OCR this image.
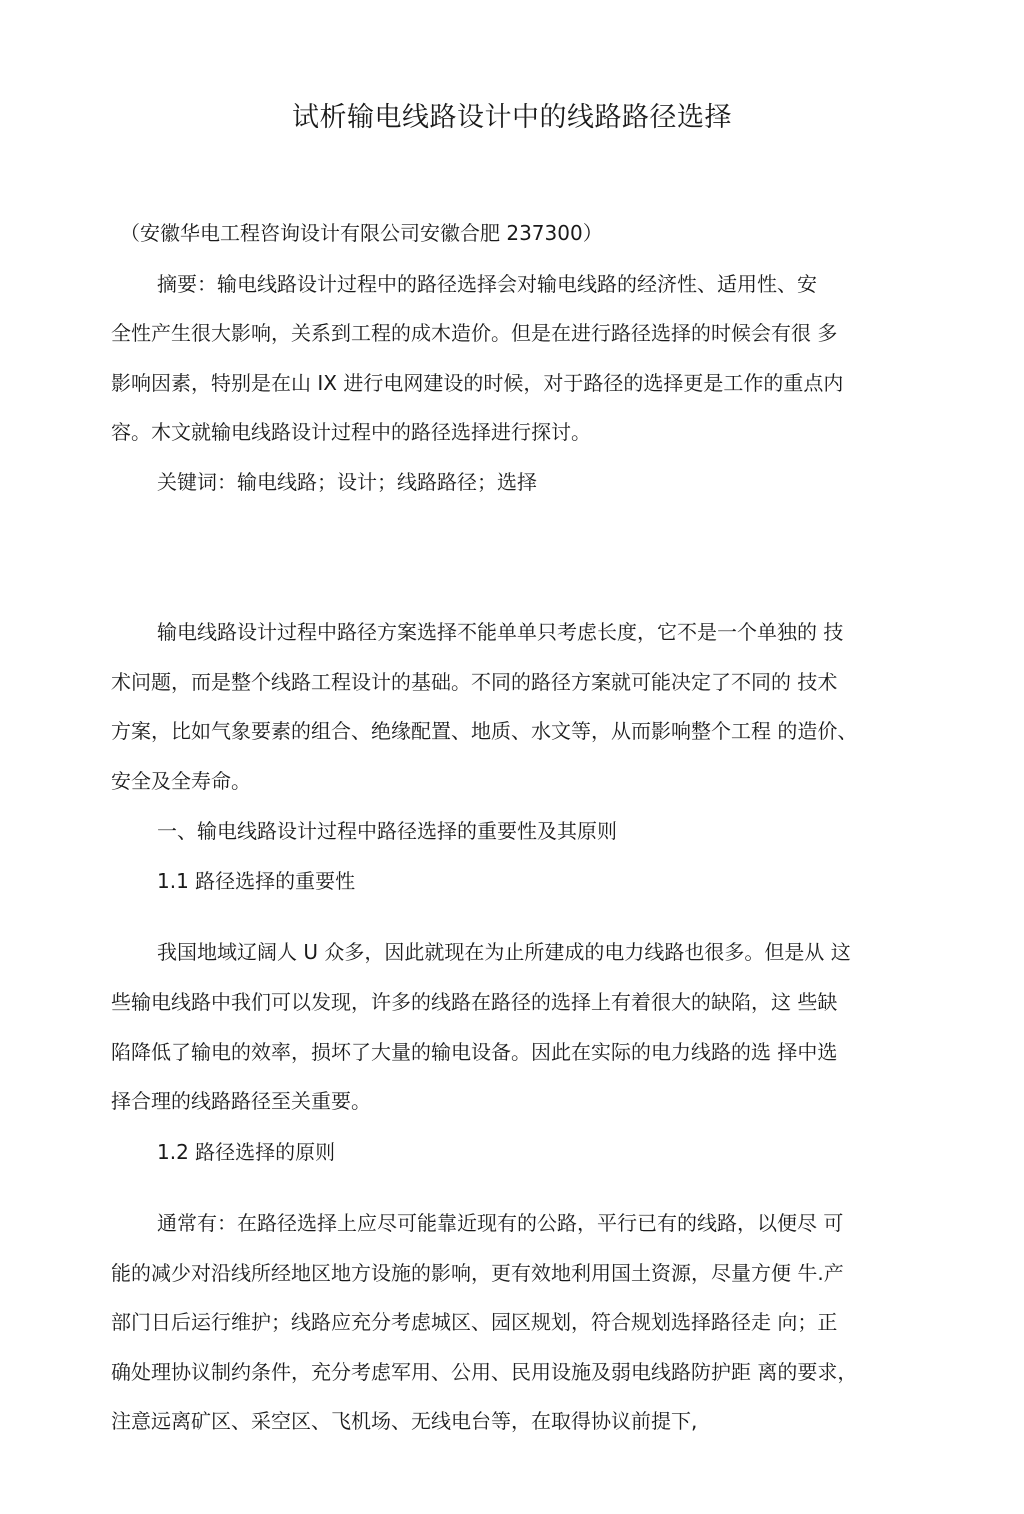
试析输电线路设计中的线路路径选择
（安徽华电工程咨询设计有限公司安徽合肥 237300）
摘要：输电线路设计过程中的路径选择会对输电线路的经济性、适用性、安
全性产生很大影响，关系到工程的成木造价。但是在进行路径选择的时候会有很 多
影响因素，特别是在山 IX 进行电网建设的时候，对于路径的选择更是工作的重点内
容。木文就输电线路设计过程中的路径选择进行探讨。
关键词：输电线路；设计；线路路径；选择
输电线路设计过程中路径方案选择不能单单只考虑长度，它不是一个单独的 技
术问题，而是整个线路工程设计的基础。不同的路径方案就可能决定了不同的 技术
方案，比如气象要素的组合、绝缘配置、地质、水文等，从而影响整个工程 的造价、
安全及全寿命。
一、输电线路设计过程中路径选择的重要性及其原则
1.1 路径选择的重要性
我国地域辽阔人 U 众多，因此就现在为止所建成的电力线路也很多。但是从 这
些输电线路中我们可以发现，许多的线路在路径的选择上有着很大的缺陷，这 些缺
陷降低了输电的效率，损坏了大量的输电设备。因此在实际的电力线路的选 择中选
择合理的线路路径至关重要。
1.2 路径选择的原则
通常有：在路径选择上应尽可能靠近现有的公路，平行已有的线路，以便尽 可
能的减少对沿线所经地区地方设施的影响，更有效地利用国土资源，尽量方便 牛.产
部门日后运行维护；线路应充分考虑城区、园区规划，符合规划选择路径走 向；正
确处理协议制约条件，充分考虑军用、公用、民用设施及弱电线路防护距 离的要求，
注意远离矿区、采空区、飞机场、无线电台等，在取得协议前提下,
